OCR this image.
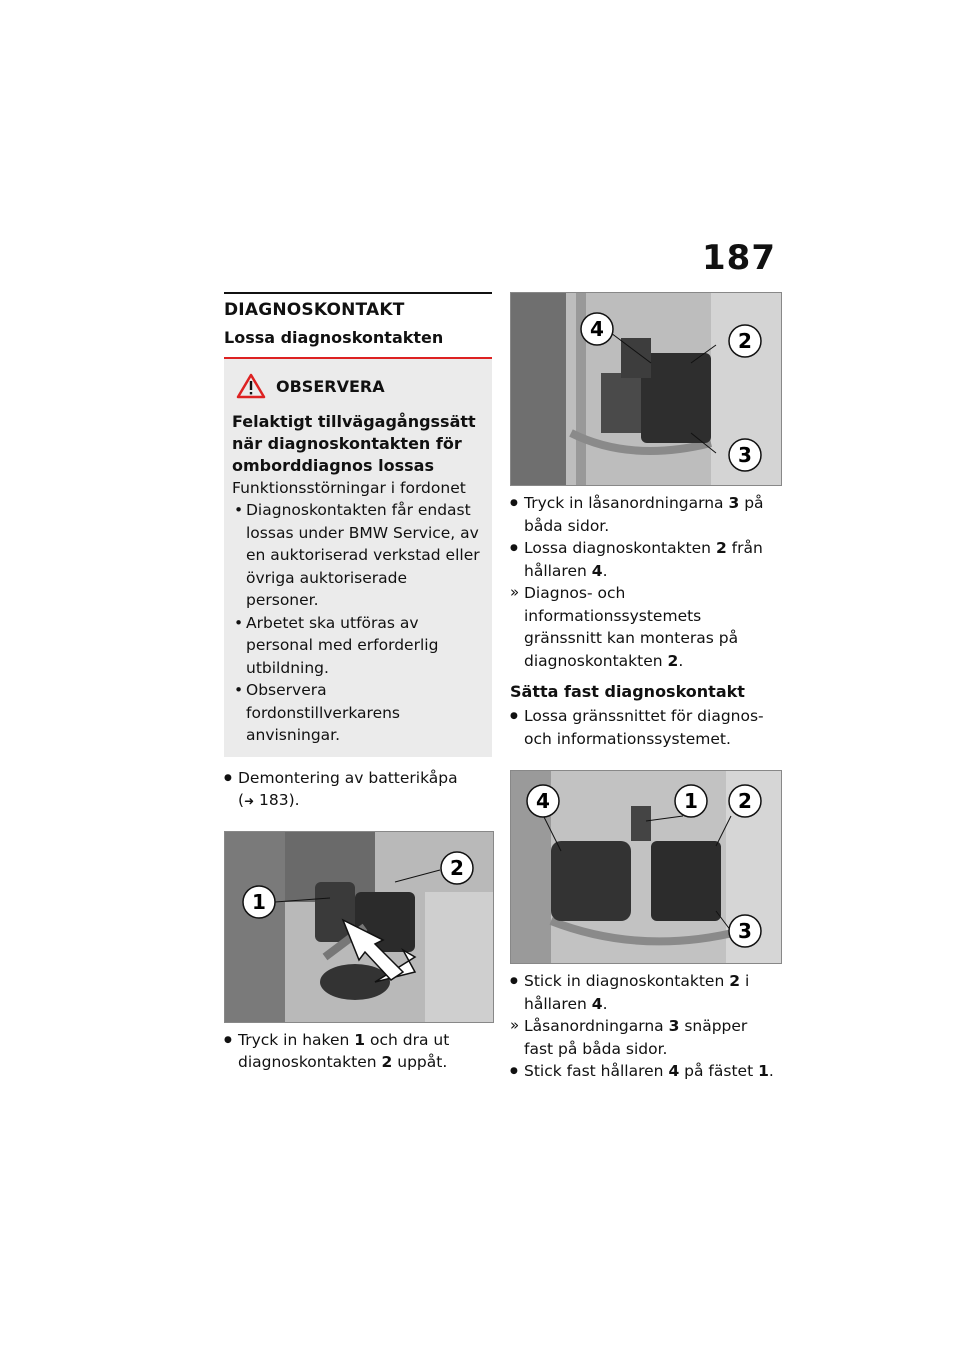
187
DIAGNOSKONTAKT
Lossa diagnoskontakten
OBSERVERA
Felaktigt tillvägagångssätt när diagnoskontakten för omborddiagnos lossas
Funktionsstörningar i fordonet
• Diagnoskontakten får endast lossas under BMW Service, av en auktoriserad verkstad eller övriga auktoriserade personer.
• Arbetet ska utföras av personal med erforderlig utbildning.
• Observera fordonstillverkarens anvisningar.
● Demontering av batterikåpa
(➜ 183).
1
2
● Tryck in haken 1 och dra ut diagnoskontakten 2 uppåt.
4	2
3
● Tryck in låsanordningarna 3 på båda sidor.
● Lossa diagnoskontakten 2 från hållaren 4.
» Diagnos- och informationssystemets gränssnitt kan monteras på diagnoskontakten 2.
Sätta fast diagnoskontakt
● Lossa gränssnittet för diagnos- och informationssystemet.
4	1 2
3
● Stick in diagnoskontakten 2 i hållaren 4.
» Låsanordningarna 3 snäpper fast på båda sidor.
● Stick fast hållaren 4 på fästet 1.
